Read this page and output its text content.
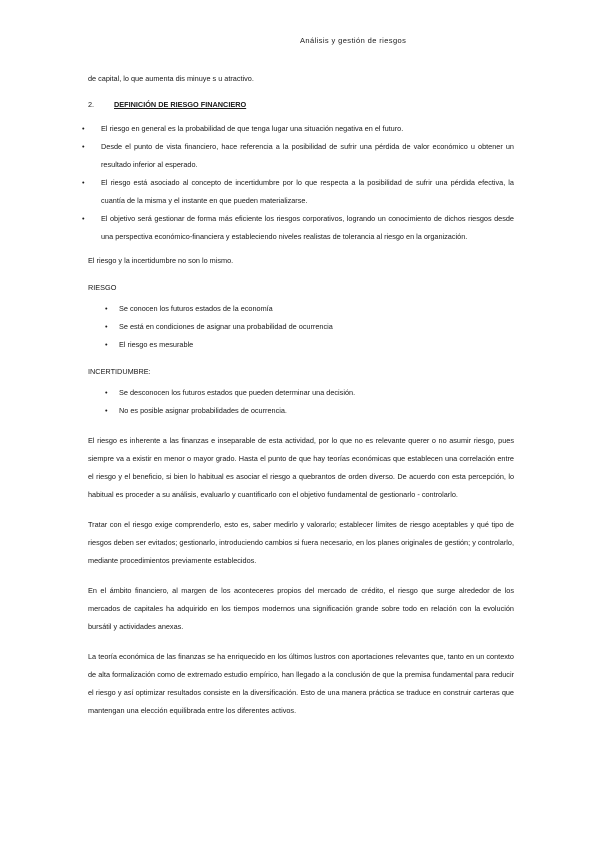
Análisis y gestión de riesgos

de capital, lo que aumenta dis minuye s u atractivo.

2.	DEFINICIÓN DE RIESGO FINANCIERO
• El riesgo en general es la probabilidad de que tenga lugar una situación negativa en el futuro.
• Desde el punto de vista financiero, hace referencia a la posibilidad de sufrir una pérdida de valor económico u obtener un resultado inferior al esperado.
• El riesgo está asociado al concepto de incertidumbre por lo que respecta a la posibilidad de sufrir una pérdida efectiva, la cuantía de la misma y el instante en que pueden materializarse.
• El objetivo será gestionar de forma más eficiente los riesgos corporativos, logrando un conocimiento de dichos riesgos desde una perspectiva económico-financiera y estableciendo niveles realistas de tolerancia al riesgo en la organización.

El riesgo y la incertidumbre no son lo mismo.

RIESGO

• Se conocen los futuros estados de la economía
• Se está en condiciones de asignar una probabilidad de ocurrencia
• El riesgo es mesurable

INCERTIDUMBRE:

• Se desconocen los futuros estados que pueden determinar una decisión.
• No es posible asignar probabilidades de ocurrencia.

El riesgo es inherente a las finanzas e inseparable de esta actividad, por lo que no es relevante querer o no asumir riesgo, pues siempre va a existir en menor o mayor grado. Hasta el punto de que hay teorías económicas que establecen una correlación entre el riesgo y el beneficio, si bien lo habitual es asociar el riesgo a quebrantos de orden diverso. De acuerdo con esta percepción, lo habitual es proceder a su análisis, evaluarlo y cuantificarlo con el objetivo fundamental de gestionarlo - controlarlo.

Tratar con el riesgo exige comprenderlo, esto es, saber medirlo y valorarlo; establecer límites de riesgo aceptables y qué tipo de riesgos deben ser evitados; gestionarlo, introduciendo cambios si fuera necesario, en los planes originales de gestión; y controlarlo, mediante procedimientos previamente establecidos.

En el ámbito financiero, al margen de los aconteceres propios del mercado de crédito, el riesgo que surge alrededor de los mercados de capitales ha adquirido en los tiempos modernos una significación grande sobre todo en relación con la evolución bursátil y actividades anexas.

La teoría económica de las finanzas se ha enriquecido en los últimos lustros con aportaciones relevantes que, tanto en un contexto de alta formalización como de extremado estudio empírico, han llegado a la conclusión de que la premisa fundamental para reducir el riesgo y así optimizar resultados consiste en la diversificación. Esto de una manera práctica se traduce en construir carteras que mantengan una elección equilibrada entre los diferentes activos.
